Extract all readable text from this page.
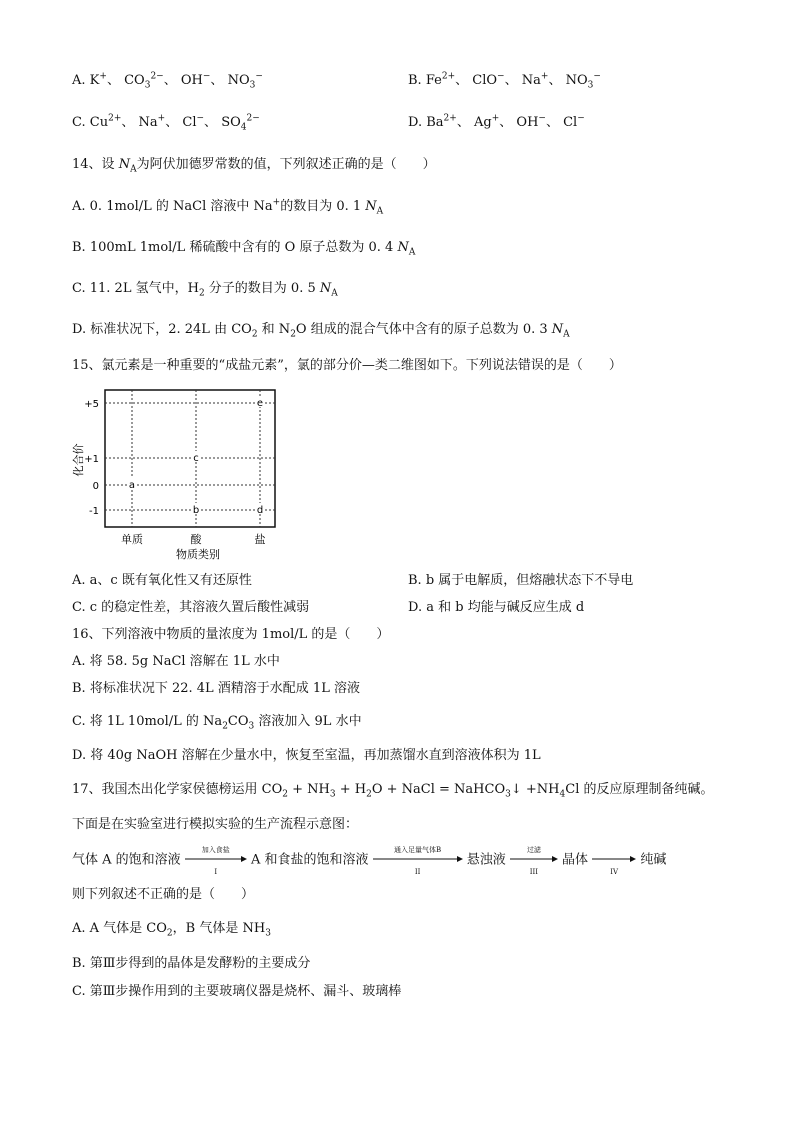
A. K+、 $CO_3^{2-}$、 OH−、 $NO_3^-$	B. $Fe^{2+}$、 ClO−、 Na+、 $NO_3^-$
C. $Cu^{2+}$、 Na+、 Cl−、 $SO_4^{2-}$	D. $Ba^{2+}$、 Ag+、 OH−、 Cl−
14、设 $N_A$为阿伏加德罗常数的值，下列叙述正确的是（　　）
A. 0. 1mol/L 的 NaCl 溶液中 Na+的数目为 0. 1 $N_A$
B. 100mL 1mol/L 稀硫酸中含有的 O 原子总数为 0. 4 $N_A$
C. 11. 2L 氢气中，$H_2$ 分子的数目为 0. 5 $N_A$
D. 标准状况下，2. 24L 由 $CO_2$ 和 $N_2O$ 组成的混合气体中含有的原子总数为 0. 3 $N_A$
15、氯元素是一种重要的“成盐元素”，氯的部分价—类二维图如下。下列说法错误的是（　　）
+5
+1
0
-1
a
b
c
d
e
单质	酸	盐
化合价
物质类别
A. a、c 既有氧化性又有还原性	B. b 属于电解质，但熔融状态下不导电
C. c 的稳定性差，其溶液久置后酸性减弱	D. a 和 b 均能与碱反应生成 d
16、下列溶液中物质的量浓度为 1mol/L 的是（　　）
A. 将 58. 5g NaCl 溶解在 1L 水中
B. 将标准状况下 22. 4L 酒精溶于水配成 1L 溶液
C. 将 1L 10mol/L 的 $Na_2CO_3$ 溶液加入 9L 水中
D. 将 40g NaOH 溶解在少量水中，恢复至室温，再加蒸馏水直到溶液体积为 1L
17、我国杰出化学家侯德榜运用 $CO_2 + NH_3 + H_2O$ + NaCl = NaHCO$_3$↓ $+NH_4Cl$ 的反应原理制备纯碱。
下面是在实验室进行模拟实验的生产流程示意图：
气体 A 的饱和溶液
加入食盐
I
A 和食盐的饱和溶液
通入足量气体B
II
悬浊液
过滤
III
晶体
IV
纯碱
则下列叙述不正确的是（　　）
A. A 气体是 $CO_2$，B 气体是 $NH_3$
B. 第Ⅲ步得到的晶体是发酵粉的主要成分
C. 第Ⅲ步操作用到的主要玻璃仪器是烧杯、漏斗、玻璃棒
